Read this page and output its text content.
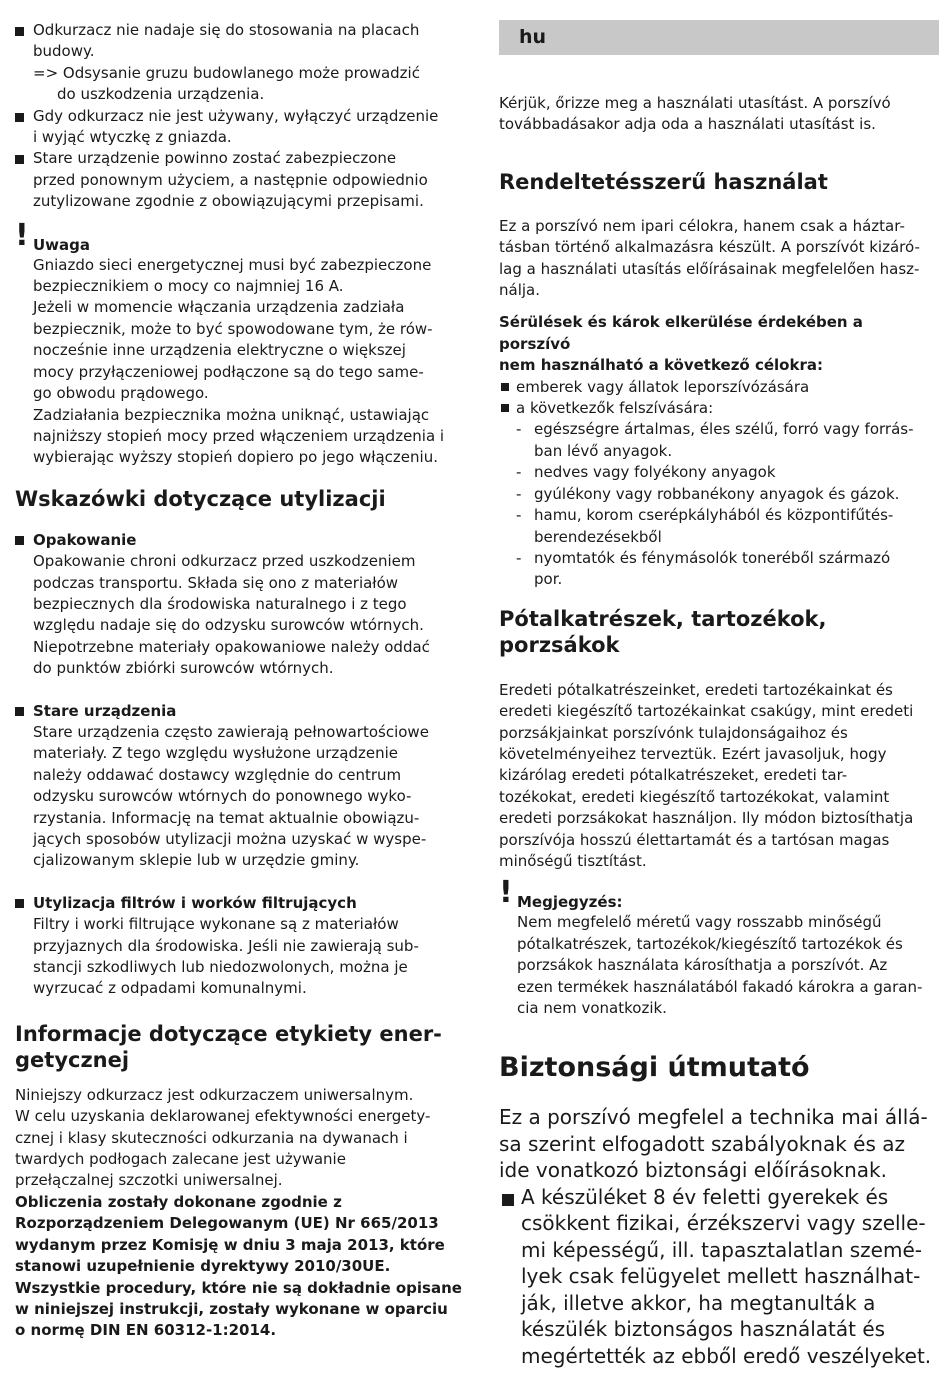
Odkurzacz nie nadaje się do stosowania na placach
budowy.
=> Odsysanie gruzu budowlanego może prowadzić
do uszkodzenia urządzenia.
Gdy odkurzacz nie jest używany, wyłączyć urządzenie
i wyjąć wtyczkę z gniazda.
Stare urządzenie powinno zostać zabezpieczone
przed ponownym użyciem, a następnie odpowiednio
zutylizowane zgodnie z obowiązującymi przepisami.
! Uwaga
Gniazdo sieci energetycznej musi być zabezpieczone
bezpiecznikiem o mocy co najmniej 16 A.
Jeżeli w momencie włączania urządzenia zadziała
bezpiecznik, może to być spowodowane tym, że rów-
nocześnie inne urządzenia elektryczne o większej
mocy przyłączeniowej podłączone są do tego same-
go obwodu prądowego.
Zadziałania bezpiecznika można uniknąć, ustawiając
najniższy stopień mocy przed włączeniem urządzenia i
wybierając wyższy stopień dopiero po jego włączeniu.
Wskazówki dotyczące utylizacji
Opakowanie
Opakowanie chroni odkurzacz przed uszkodzeniem
podczas transportu. Składa się ono z materiałów
bezpiecznych dla środowiska naturalnego i z tego
względu nadaje się do odzysku surowców wtórnych.
Niepotrzebne materiały opakowaniowe należy oddać
do punktów zbiórki surowców wtórnych.
Stare urządzenia
Stare urządzenia często zawierają pełnowartościowe
materiały. Z tego względu wysłużone urządzenie
należy oddawać dostawcy względnie do centrum
odzysku surowców wtórnych do ponownego wyko-
rzystania. Informację na temat aktualnie obowiązu-
jących sposobów utylizacji można uzyskać w wyspe-
cjalizowanym sklepie lub w urzędzie gminy.
Utylizacja filtrów i worków filtrujących
Filtry i worki filtrujące wykonane są z materiałów
przyjaznych dla środowiska. Jeśli nie zawierają sub-
stancji szkodliwych lub niedozwolonych, można je
wyrzucać z odpadami komunalnymi.
Informacje dotyczące etykiety ener-
getycznej
Niniejszy odkurzacz jest odkurzaczem uniwersalnym.
W celu uzyskania deklarowanej efektywności energety-
cznej i klasy skuteczności odkurzania na dywanach i
twardych podłogach zalecane jest używanie
przełączalnej szczotki uniwersalnej.
Obliczenia zostały dokonane zgodnie z
Rozporządzeniem Delegowanym (UE) Nr 665/2013
wydanym przez Komisję w dniu 3 maja 2013, które
stanowi uzupełnienie dyrektywy 2010/30UE.
Wszystkie procedury, które nie są dokładnie opisane
w niniejszej instrukcji, zostały wykonane w oparciu
o normę DIN EN 60312-1:2014.
hu
Kérjük, őrizze meg a használati utasítást. A porszívó
továbbadásakor adja oda a használati utasítást is.
Rendeltetésszerű használat
Ez a porszívó nem ipari célokra, hanem csak a háztar-
tásban történő alkalmazásra készült. A porszívót kizáró-
lag a használati utasítás előírásainak megfelelően hasz-
nálja.
Sérülések és károk elkerülése érdekében a porszívó
nem használható a következő célokra:
emberek vagy állatok leporszívózására
a következők felszívására:
- egészségre ártalmas, éles szélű, forró vagy forrás-
ban lévő anyagok.
- nedves vagy folyékony anyagok
- gyúlékony vagy robbanékony anyagok és gázok.
- hamu, korom cserépkályhából és központifűtés-
berendezésekből
- nyomtatók és fénymásolók toneréből származó
por.
Pótalkatrészek, tartozékok, porzsákok
Eredeti pótalkatrészeinket, eredeti tartozékainkat és
eredeti kiegészítő tartozékainkat csakúgy, mint eredeti
porzsákjainkat porszívónk tulajdonságaihoz és
követelményeihez terveztük. Ezért javasoljuk, hogy
kizárólag eredeti pótalkatrészeket, eredeti tar-
tozékokat, eredeti kiegészítő tartozékokat, valamint
eredeti porzsákokat használjon. Ily módon biztosíthatja
porszívója hosszú élettartamát és a tartósan magas
minőségű tisztítást.
! Megjegyzés:
Nem megfelelő méretű vagy rosszabb minőségű
pótalkatrészek, tartozékok/kiegészítő tartozékok és
porzsákok használata károsíthatja a porszívót. Az
ezen termékek használatából fakadó károkra a garan-
cia nem vonatkozik.
Biztonsági útmutató
Ez a porszívó megfelel a technika mai állá-
sa szerint elfogadott szabályoknak és az
ide vonatkozó biztonsági előírásoknak.
A készüléket 8 év feletti gyerekek és
csökkent fizikai, érzékszervi vagy szelle-
mi képességű, ill. tapasztalatlan szemé-
lyek csak felügyelet mellett használhat-
ják, illetve akkor, ha megtanulták a
készülék biztonságos használatát és
megértették az ebből eredő veszélyeket.
